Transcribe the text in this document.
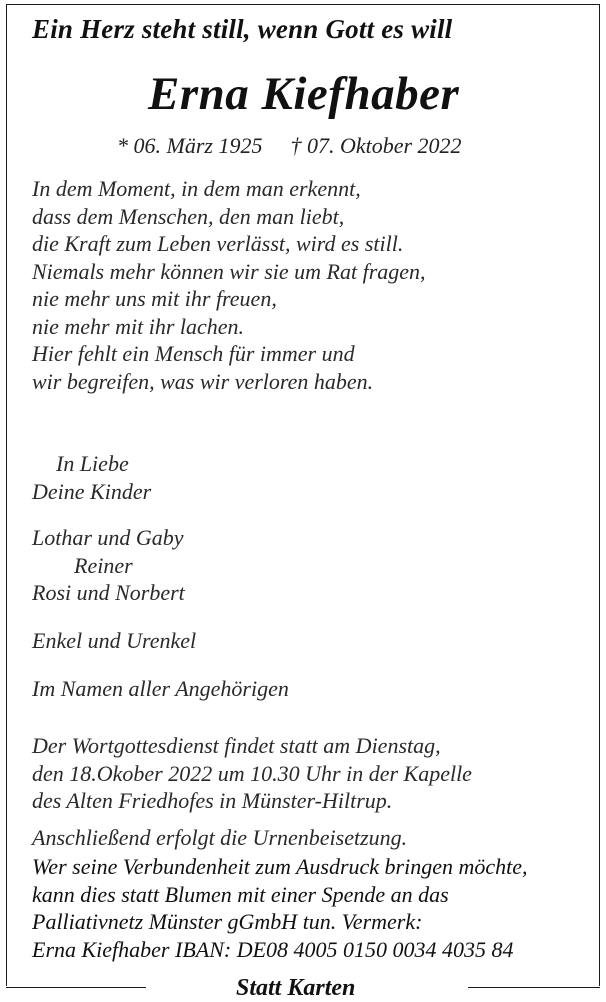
Ein Herz steht still, wenn Gott es will
Erna Kiefhaber
* 06. März 1925 † 07. Oktober 2022
In dem Moment, in dem man erkennt,
dass dem Menschen, den man liebt,
die Kraft zum Leben verlässt, wird es still.
Niemals mehr können wir sie um Rat fragen,
nie mehr uns mit ihr freuen,
nie mehr mit ihr lachen.
Hier fehlt ein Mensch für immer und
wir begreifen, was wir verloren haben.
In Liebe
Deine Kinder
Lothar und Gaby
Reiner
Rosi und Norbert
Enkel und Urenkel
Im Namen aller Angehörigen
Der Wortgottesdienst findet statt am Dienstag,
den 18.Okober 2022 um 10.30 Uhr in der Kapelle
des Alten Friedhofes in Münster-Hiltrup.
Anschließend erfolgt die Urnenbeisetzung.
Wer seine Verbundenheit zum Ausdruck bringen möchte,
kann dies statt Blumen mit einer Spende an das
Palliativnetz Münster gGmbH tun. Vermerk:
Erna Kiefhaber IBAN: DE08 4005 0150 0034 4035 84
Statt Karten
